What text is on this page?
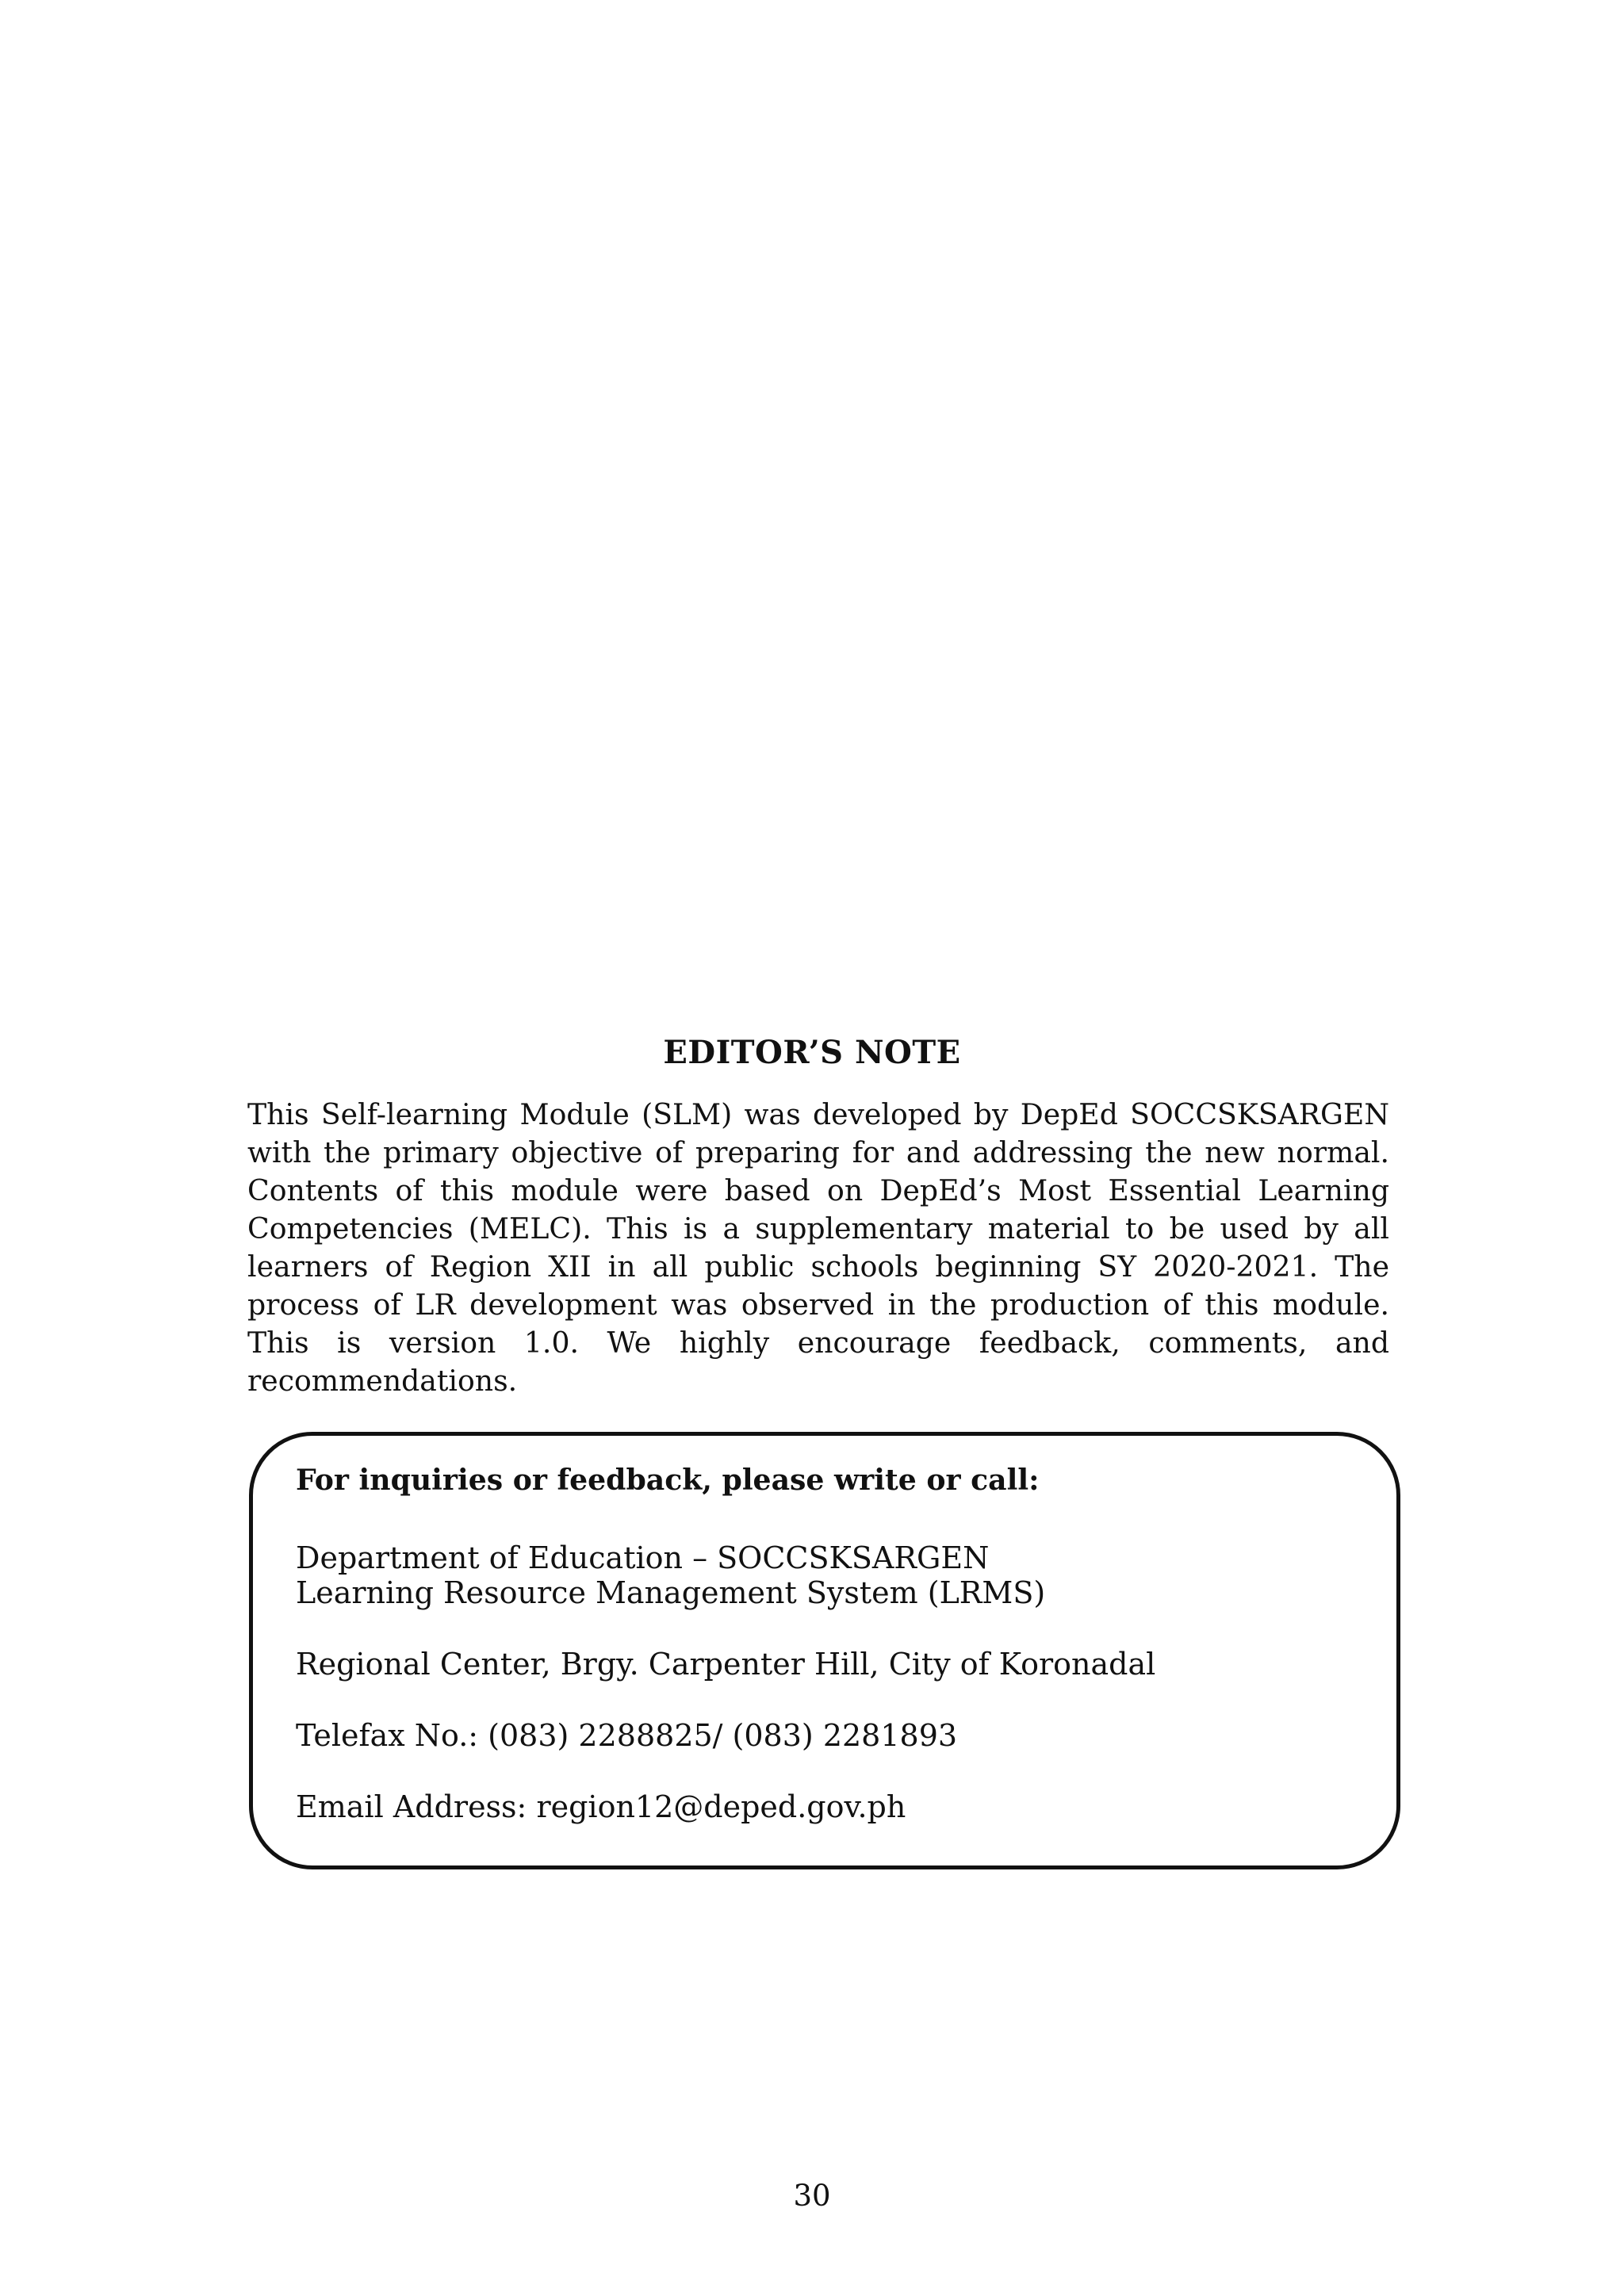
EDITOR’S NOTE

This Self-learning Module (SLM) was developed by DepEd SOCCSKSARGEN with the primary objective of preparing for and addressing the new normal. Contents of this module were based on DepEd’s Most Essential Learning Competencies (MELC). This is a supplementary material to be used by all learners of Region XII in all public schools beginning SY 2020-2021. The process of LR development was observed in the production of this module. This is version 1.0. We highly encourage feedback, comments, and recommendations.

For inquiries or feedback, please write or call:

Department of Education – SOCCSKSARGEN

Learning Resource Management System (LRMS)

Regional Center, Brgy. Carpenter Hill, City of Koronadal

Telefax No.: (083) 2288825/ (083) 2281893

Email Address: region12@deped.gov.ph

30
